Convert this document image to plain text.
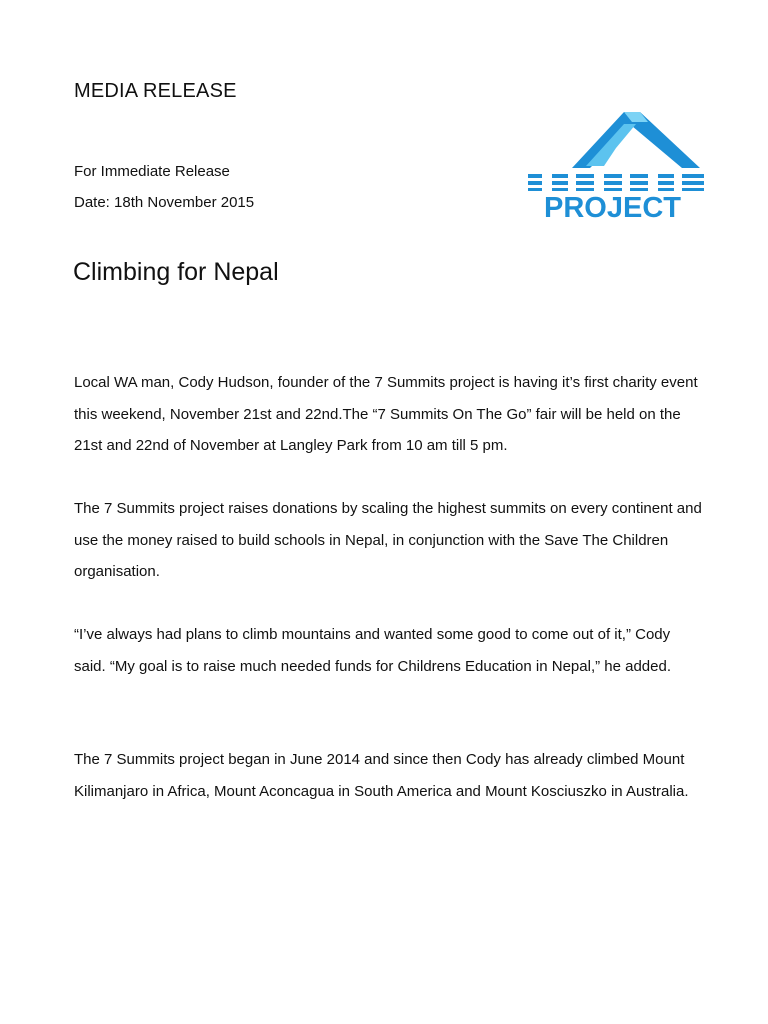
MEDIA RELEASE

For Immediate Release

Date: 18th November 2015	PROJECT
Climbing for Nepal

Local WA man, Cody Hudson, founder of the 7 Summits project is having it’s first charity event this weekend, November 21st and 22nd.The “7 Summits On The Go” fair will be held on the 21st and 22nd of November at Langley Park from 10 am till 5 pm.

The 7 Summits project raises donations by scaling the highest summits on every continent and use the money raised to build schools in Nepal, in conjunction with the Save The Children organisation.

“I’ve always had plans to climb mountains and wanted some good to come out of it,” Cody said. “My goal is to raise much needed funds for Childrens Education in Nepal,” he added.

The 7 Summits project began in June 2014 and since then Cody has already climbed Mount Kilimanjaro in Africa, Mount Aconcagua in South America and Mount Kosciuszko in Australia.
